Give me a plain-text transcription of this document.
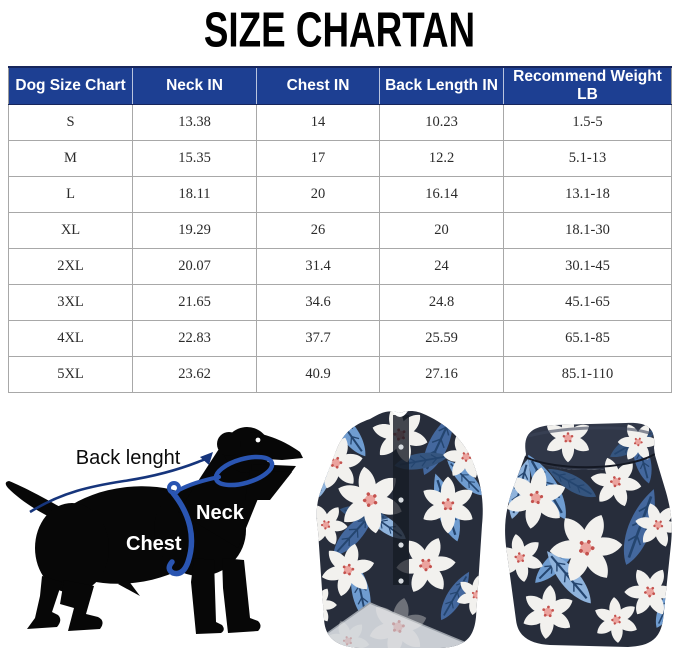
SIZE CHARTAN
Dog Size Chart	Neck IN	Chest IN	Back Length IN	Recommend Weight LB
S	13.38	14	10.23	1.5-5
M	15.35	17	12.2	5.1-13
L	18.11	20	16.14	13.1-18
XL	19.29	26	20	18.1-30
2XL	20.07	31.4	24	30.1-45
3XL	21.65	34.6	24.8	45.1-65
4XL	22.83	37.7	25.59	65.1-85
5XL	23.62	40.9	27.16	85.1-110
Back lenght
Neck
Chest
